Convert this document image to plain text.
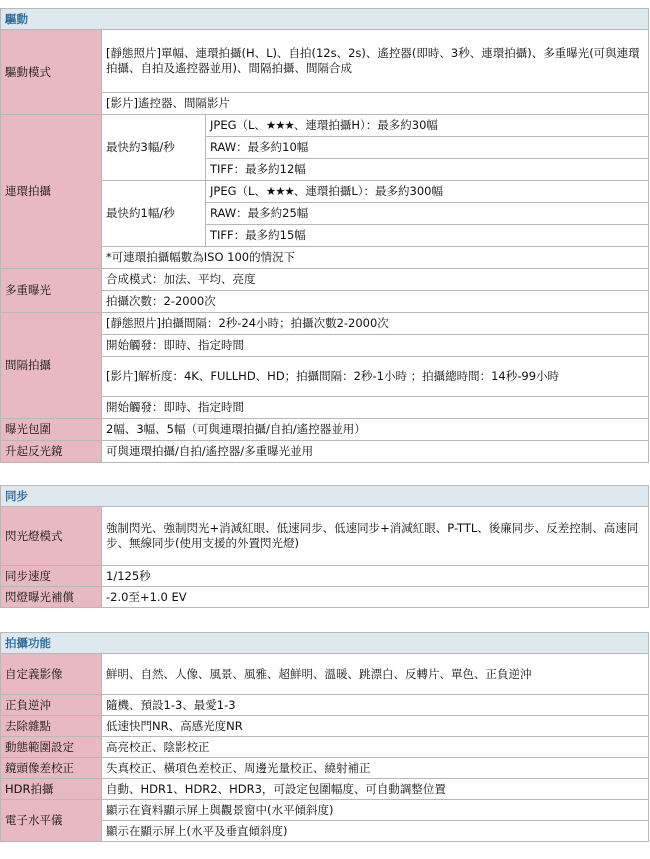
驅動		
驅動模式	[靜態照片]單幅、連環拍攝(H、L)、自拍(12s、2s)、遙控器(即時、3秒、連環拍攝)、多重曝光(可與連環拍攝、自拍及遙控器並用)、間隔拍攝、間隔合成	
	[影片]遙控器、間隔影片	
連環拍攝	最快約3幅/秒	JPEG（L、★★★、連環拍攝H）：最多約30幅
		RAW：最多約10幅
		TIFF：最多約12幅
	最快約1幅/秒	JPEG（L、★★★、連環拍攝L）：最多約300幅
		RAW：最多約25幅
		TIFF：最多約15幅
	*可連環拍攝幅數為ISO 100的情況下	
多重曝光	合成模式：加法、平均、亮度	
	拍攝次數：2-2000次	
間隔拍攝	[靜態照片]拍攝間隔：2秒-24小時；拍攝次數2-2000次	
	開始觸發：即時、指定時間	
	[影片]解析度：4K、FULLHD、HD；拍攝間隔：2秒-1小時 ；拍攝總時間：14秒-99小時	
	開始觸發：即時、指定時間	
曝光包圍	2幅、3幅、5幅（可與連環拍攝/自拍/遙控器並用）	
升起反光鏡	可與連環拍攝/自拍/遙控器/多重曝光並用	
同步	
閃光燈模式	強制閃光、強制閃光+消減紅眼、低速同步、低速同步+消減紅眼、P-TTL、後廉同步、反差控制、高速同步、無線同步(使用支援的外置閃光燈)
同步速度	1/125秒
閃燈曝光補償	-2.0至+1.0 EV
拍攝功能	
自定義影像	鮮明、自然、人像、風景、風雅、超鮮明、溫暖、跳漂白、反轉片、單色、正負逆沖
正負逆沖	隨機、預設1-3、最愛1-3
去除雜點	低速快門NR、高感光度NR
動態範圍設定	高亮校正、陰影校正
鏡頭像差校正	失真校正、橫項色差校正、周邊光量校正、繞射補正
HDR拍攝	自動、HDR1、HDR2、HDR3，可設定包圍幅度、可自動調整位置
電子水平儀	顯示在資料顯示屏上與觀景窗中(水平傾斜度)
	顯示在顯示屏上(水平及垂直傾斜度)
